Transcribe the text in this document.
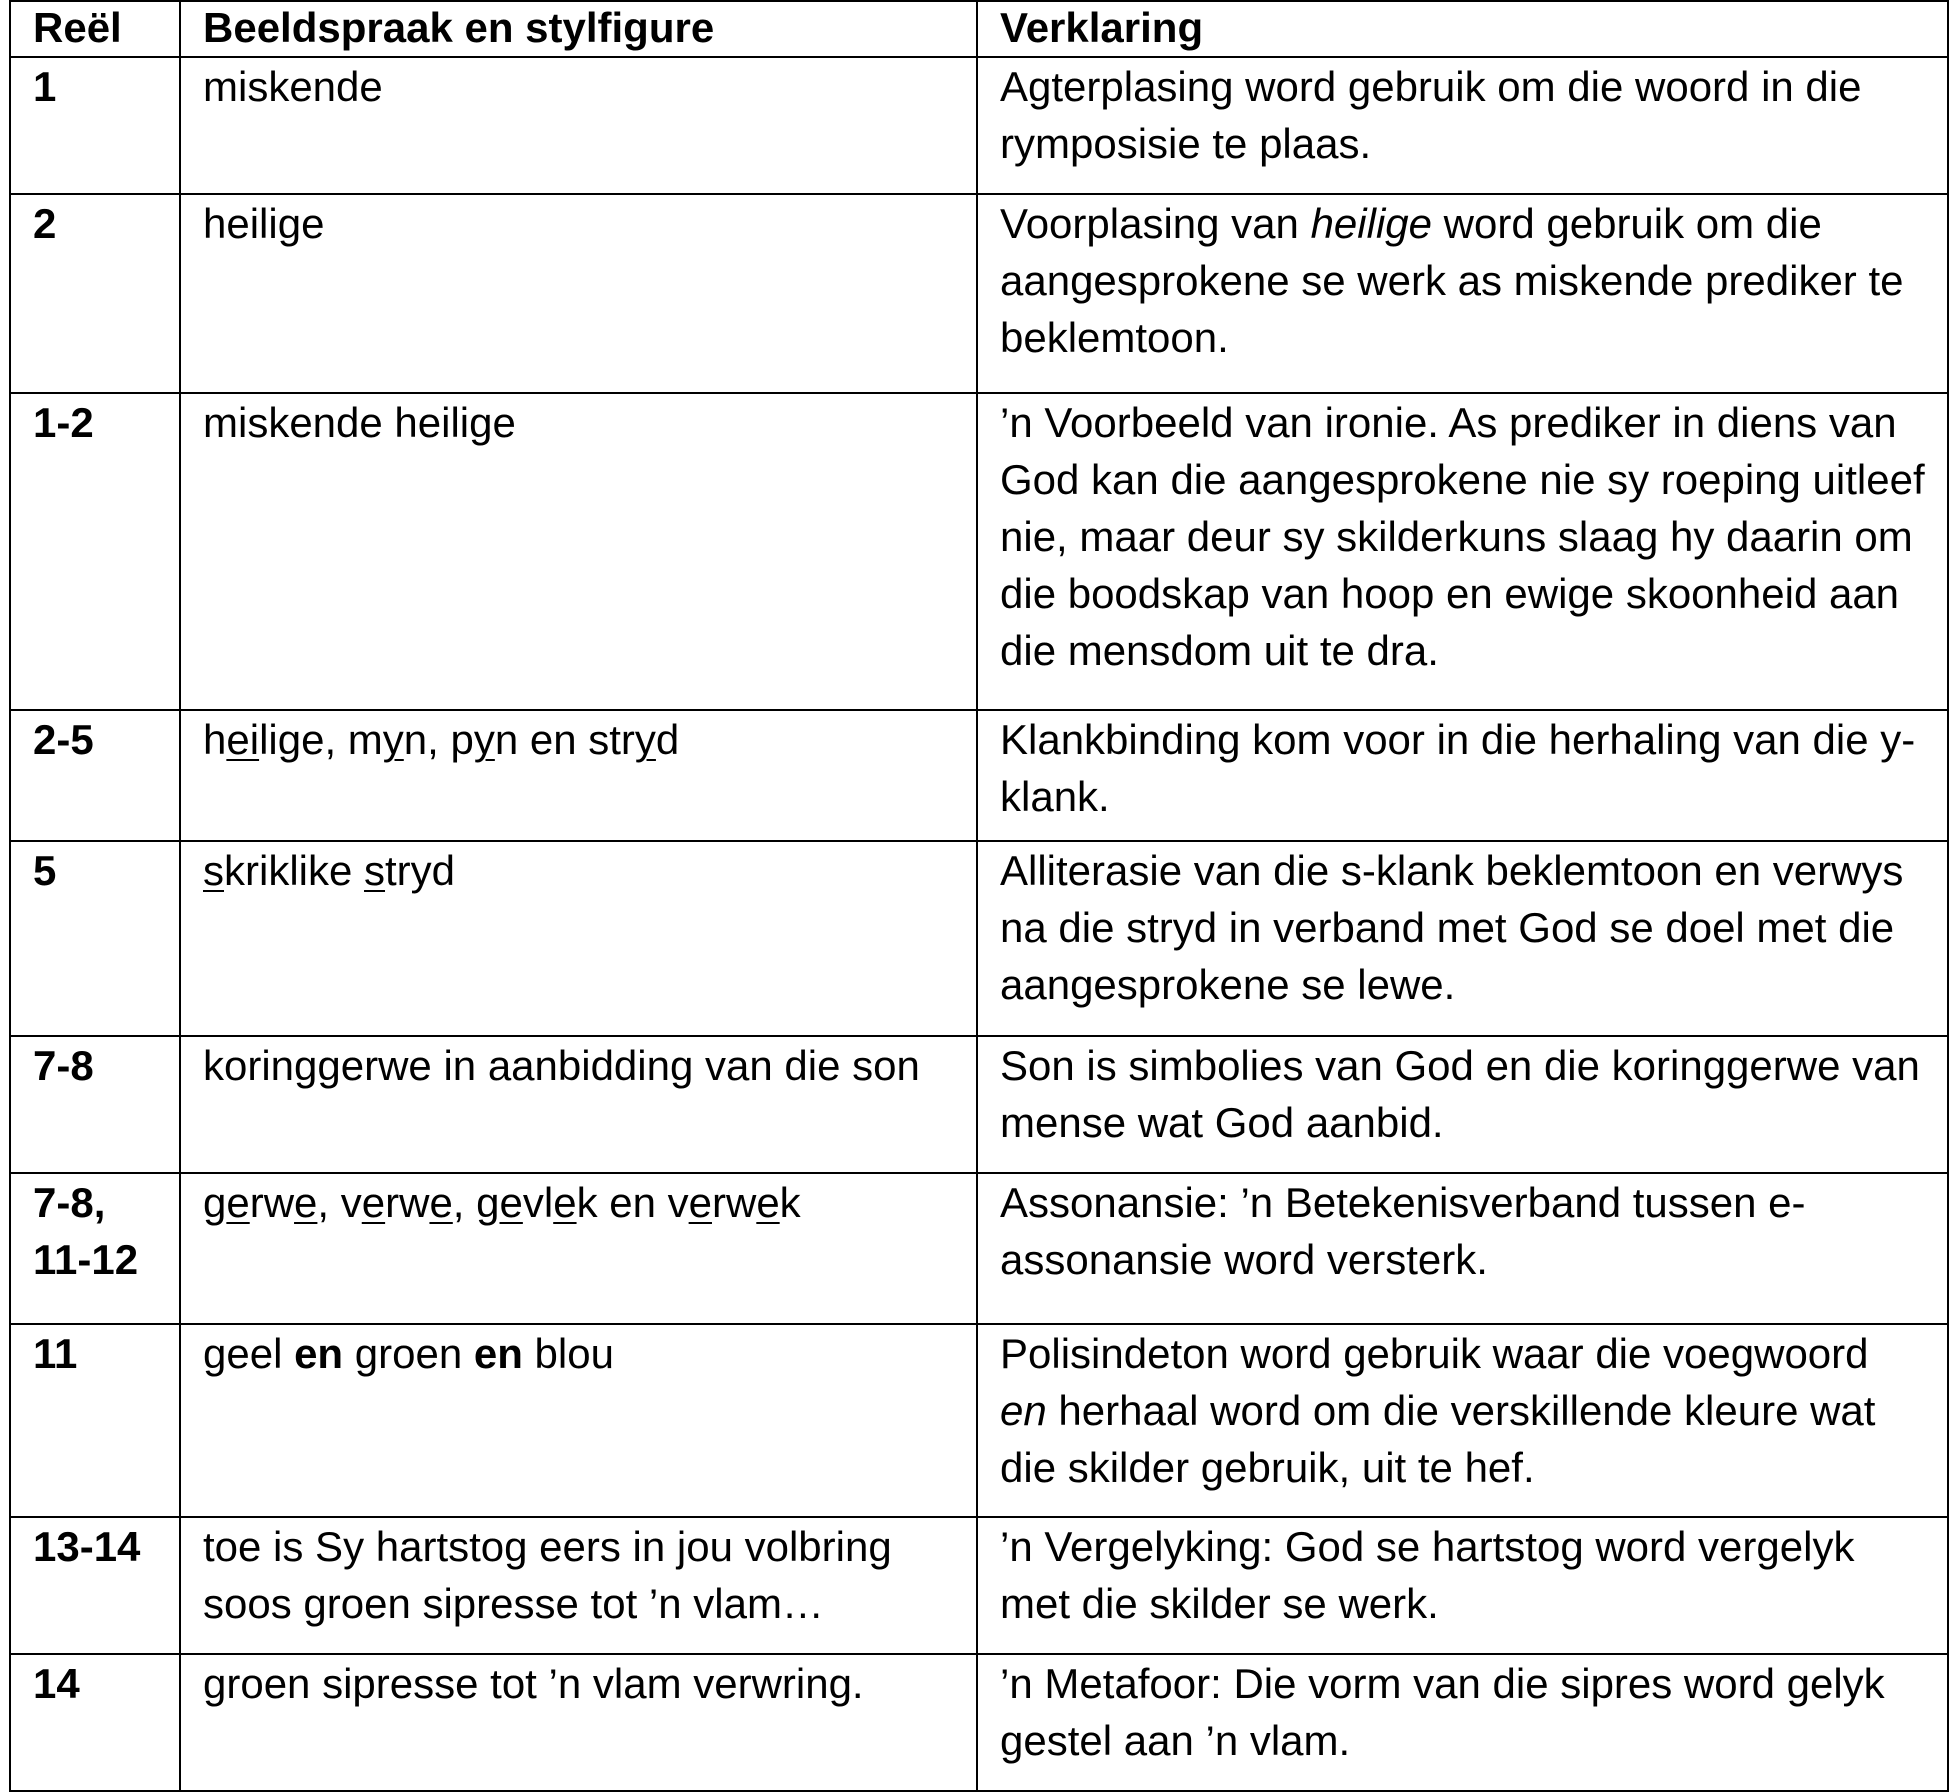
Reël	Beeldspraak en stylfigure	Verklaring
1	miskende	Agterplasing word gebruik om die woord in die rymposisie te plaas.
2	heilige	Voorplasing van heilige word gebruik om die aangesprokene se werk as miskende prediker te beklemtoon.
1-2	miskende heilige	’n Voorbeeld van ironie. As prediker in diens van God kan die aangesprokene nie sy roeping uitleef nie, maar deur sy skilderkuns slaag hy daarin om die boodskap van hoop en ewige skoonheid aan die mensdom uit te dra.
2-5	heilige, myn, pyn en stryd	Klankbinding kom voor in die herhaling van die y-klank.
5	skriklike stryd	Alliterasie van die s-klank beklemtoon en verwys na die stryd in verband met God se doel met die aangesprokene se lewe.
7-8	koringgerwe in aanbidding van die son	Son is simbolies van God en die koringgerwe van mense wat God aanbid.
7-8, 11-12	gerwe, verwe, gevlek en verwek	Assonansie: ’n Betekenisverband tussen e-assonansie word versterk.
11	geel en groen en blou	Polisindeton word gebruik waar die voegwoord en herhaal word om die verskillende kleure wat die skilder gebruik, uit te hef.
13-14	toe is Sy hartstog eers in jou volbring soos groen sipresse tot ’n vlam…	’n Vergelyking: God se hartstog word vergelyk met die skilder se werk.
14	groen sipresse tot ’n vlam verwring.	’n Metafoor: Die vorm van die sipres word gelyk gestel aan ’n vlam.
